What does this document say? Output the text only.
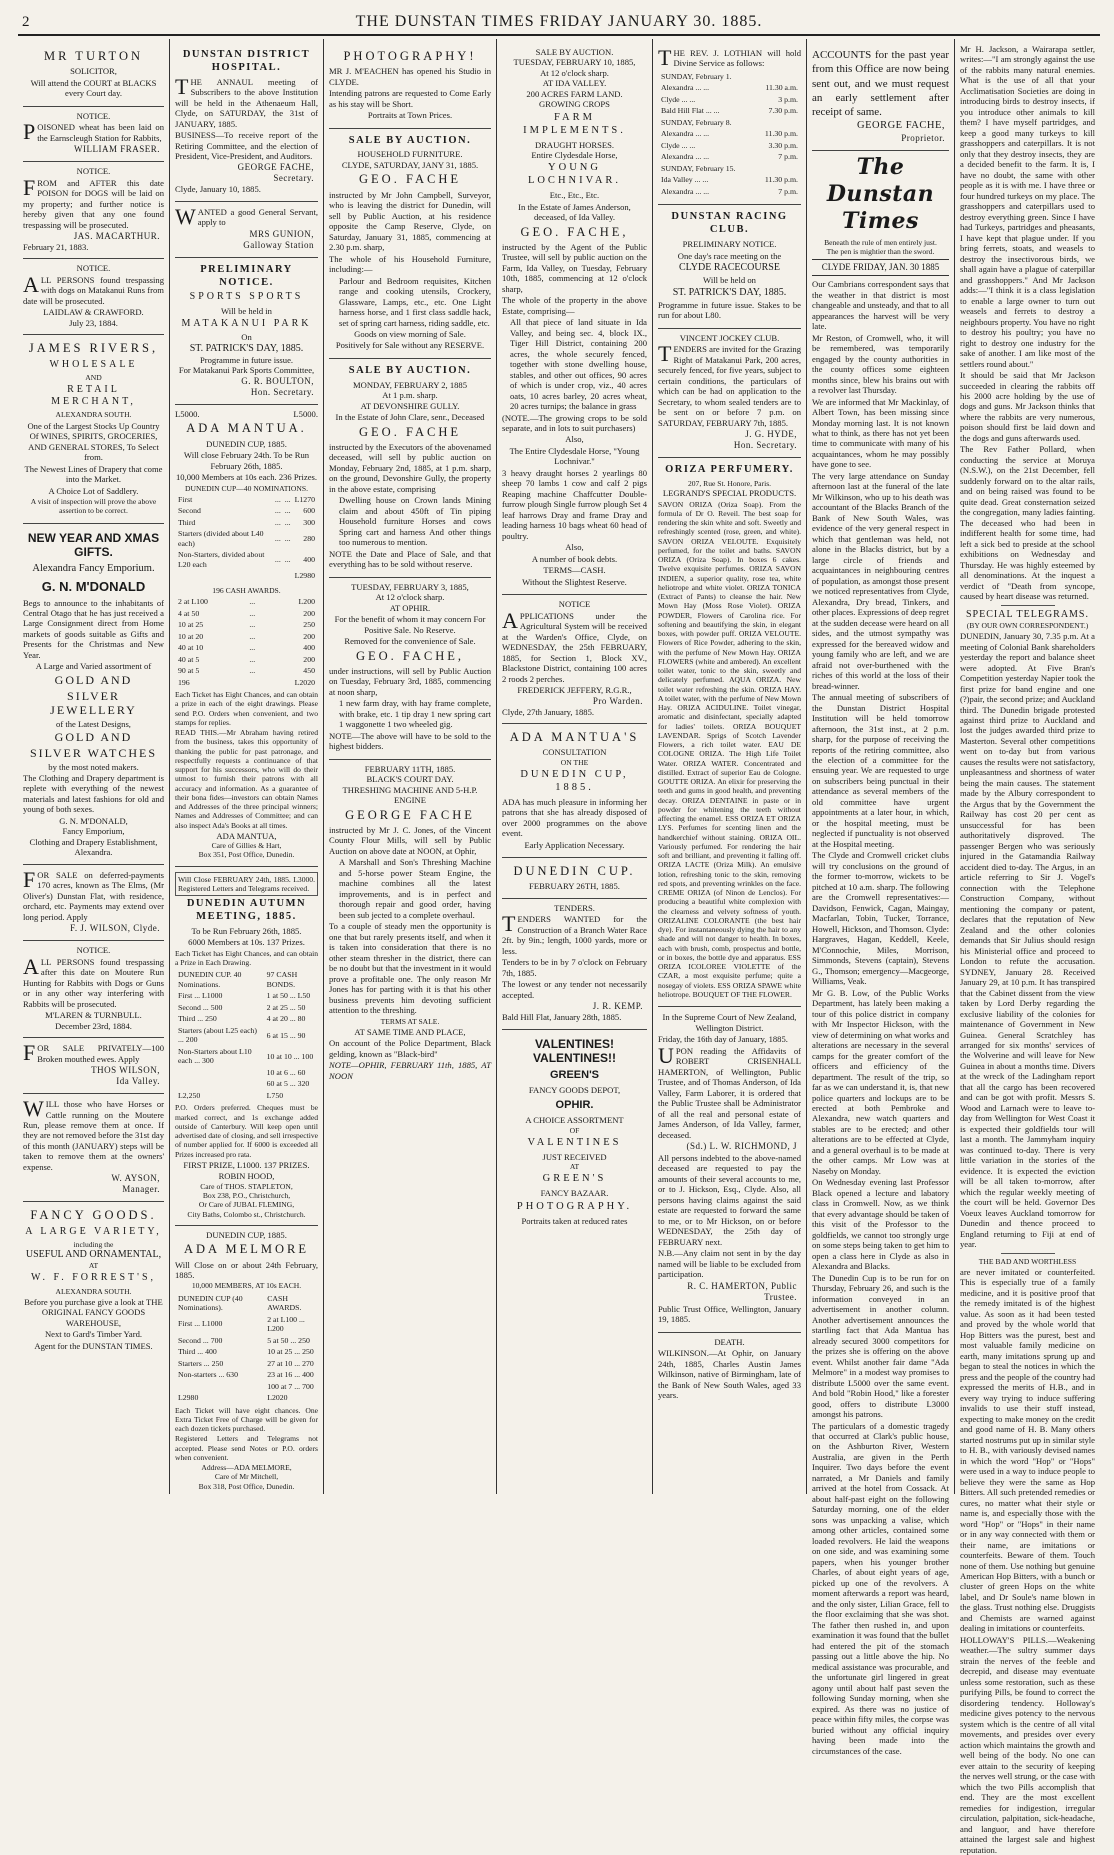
2	THE DUNSTAN TIMES FRIDAY JANUARY 30. 1885.
MR TURTON
SOLICITOR,

Will attend the COURT at BLACKS every Court day.

NOTICE.

POISONED wheat has been laid on the Earnscleugh Station for Rabbits,

WILLIAM FRASER.
NOTICE.

FROM and AFTER this date POISON for DOGS will be laid on my property; and further notice is hereby given that any one found trespassing will be prosecuted.

JAS. MACARTHUR.
February 21, 1883.
NOTICE.

ALL PERSONS found trespassing with dogs on Matakanui Runs from date will be prosecuted.

LAIDLAW & CRAWFORD.
July 23, 1884.
JAMES RIVERS,
WHOLESALE
AND
RETAIL MERCHANT,
ALEXANDRA SOUTH.

One of the Largest Stocks Up Country Of WINES, SPIRITS, GROCERIES, AND GENERAL STORES, To Select from.

The Newest Lines of Drapery that come into the Market.

A Choice Lot of Saddlery.

A visit of inspection will prove the above assertion to be correct.

NEW YEAR AND XMAS GIFTS.
Alexandra Fancy Emporium.
G. N. M'DONALD

Begs to announce to the inhabitants of Central Otago that he has just received a Large Consignment direct from Home markets of goods suitable as Gifts and Presents for the Christmas and New Year.

A Large and Varied assortment of

GOLD AND
SILVER JEWELLERY

of the Latest Designs,

GOLD AND
SILVER WATCHES

by the most noted makers.

The Clothing and Drapery department is replete with everything of the newest materials and latest fashions for old and young of both sexes.

G. N. M'DONALD,
Fancy Emporium,
Clothing and Drapery Establishment, Alexandra.

FOR SALE on deferred-payments 170 acres, known as The Elms, (Mr Oliver's) Dunstan Flat, with residence, orchard, etc. Payments may extend over long period. Apply

F. J. WILSON, Clyde.
NOTICE.

ALL PERSONS found trespassing after this date on Moutere Run Hunting for Rabbits with Dogs or Guns or in any other way interfering with Rabbits will be prosecuted.

M'LAREN & TURNBULL.
December 23rd, 1884.

FOR SALE PRIVATELY—100 Broken mouthed ewes. Apply

THOS WILSON,
Ida Valley.

WILL those who have Horses or Cattle running on the Moutere Run, please remove them at once. If they are not removed before the 31st day of this month (JANUARY) steps will be taken to remove them at the owners' expense.

W. AYSON,
Manager.
FANCY GOODS.
A LARGE VARIETY,
including the
USEFUL AND ORNAMENTAL,
AT
W. F. FORREST'S,
ALEXANDRA SOUTH.

Before you purchase give a look at THE ORIGINAL FANCY GOODS WAREHOUSE,

Next to Gard's Timber Yard.

Agent for the DUNSTAN TIMES.

DUNSTAN DISTRICT HOSPITAL.

THE ANNAUL meeting of Subscribers to the above Institution will be held in the Athenaeum Hall, Clyde, on SATURDAY, the 31st of JANUARY, 1885.

BUSINESS—To receive report of the Retiring Committee, and the election of President, Vice-President, and Auditors.

GEORGE FACHE,
Secretary.
Clyde, January 10, 1885.

WANTED a good General Servant, apply to

MRS GUNION,
Galloway Station
PRELIMINARY NOTICE.
SPORTS SPORTS
Will be held in
MATAKANUI PARK
On
ST. PATRICK'S DAY, 1885.
Programme in future issue.
For Matakanui Park Sports Committee,
G. R. BOULTON,
Hon. Secretary.
L5000.	L5000.
ADA MANTUA.
DUNEDIN CUP, 1885.

Will close February 24th. To be Run February 26th, 1885.

10,000 Members at 10s each. 236 Prizes.

DUNEDIN CUP—40 NOMINATIONS.
First	...	...	L1270
Second	...	...	600
Third	...	...	300
Starters (divided about L40 each)	...	...	280
Non-Starters, divided about L20 each	...	...	400
			L2980
196 CASH AWARDS.
2 at L100	...	L200
4 at 50	...	200
10 at 25	...	250
10 at 20	...	200
40 at 10	...	400
40 at 5	...	200
90 at 5	...	450
196		L2020

Each Ticket has Eight Chances, and can obtain a prize in each of the eight drawings. Please send P.O. Orders when convenient, and two stamps for replies.

READ THIS.—Mr Abraham having retired from the business, takes this opportunity of thanking the public for past patronage, and respectfully requests a continuance of that support for his successors, who will do their utmost to furnish their patrons with all accuracy and information. As a guarantee of their bona fides—investors can obtain Names and Addresses of the three principal winners; Names and Addresses of Committee; and can also inspect Ada's Books at all times.

ADA MANTUA,
Care of Gillies & Hart,
Box 351, Post Office, Dunedin.

Will Close FEBRUARY 24th, 1885. L3000. Registered Letters and Telegrams received.

DUNEDIN AUTUMN MEETING, 1885.

To be Run February 26th, 1885.

6000 Members at 10s. 137 Prizes.

Each Ticket has Eight Chances, and can obtain a Prize in Each Drawing.

DUNEDIN CUP. 40 Nominations.	97 CASH BONDS.
First ... L1000	1 at 50 ... L50
Second ... 500	2 at 25 ... 50
Third ... 250	4 at 20 ... 80
Starters (about L25 each) ... 200	6 at 15 ... 90
Non-Starters about L10 each ... 300	10 at 10 ... 100
	10 at 6 ... 60
	60 at 5 ... 320
L2,250	L750

P.O. Orders preferred. Cheques must be marked correct, and 1s exchange added outside of Canterbury. Will keep open until advertised date of closing, and sell irrespective of number applied for. If 6000 is exceeded all Prizes increased pro rata.

FIRST PRIZE, L1000. 137 PRIZES.

ROBIN HOOD,
Care of THOS. STAPLETON,
Box 238, P.O., Christchurch,
Or Care of JUBAL FLEMING,
City Baths, Colombo st., Christchurch.
DUNEDIN CUP, 1885.
ADA MELMORE

Will Close on or about 24th February, 1885.

10,000 MEMBERS, AT 10s EACH.

DUNEDIN CUP (40 Nominations).	CASH AWARDS.
First ... L1000	2 at L100 ... L200
Second ... 700	5 at 50 ... 250
Third ... 400	10 at 25 ... 250
Starters ... 250	27 at 10 ... 270
Non-starters ... 630	23 at 16 ... 400
	100 at 7 ... 700
L2980	L2020

Each Ticket will have eight chances. One Extra Ticket Free of Charge will be given for each dozen tickets purchased.

Registered Letters and Telegrams not accepted. Please send Notes or P.O. orders when convenient.

Address—ADA MELMORE,
Care of Mr Mitchell,
Box 318, Post Office, Dunedin.
PHOTOGRAPHY!

MR J. M'EACHEN has opened his Studio in CLYDE.

Intending patrons are requested to Come Early as his stay will be Short.

Portraits at Town Prices.

SALE BY AUCTION.
HOUSEHOLD FURNITURE.
CLYDE, SATURDAY, JANY 31, 1885.
GEO. FACHE

instructed by Mr John Campbell, Surveyor, who is leaving the district for Dunedin, will sell by Public Auction, at his residence opposite the Camp Reserve, Clyde, on Saturday, January 31, 1885, commencing at 2.30 p.m. sharp,

The whole of his Household Furniture, including:—

Parlour and Bedroom requisites, Kitchen range and cooking utensils, Crockery, Glassware, Lamps, etc., etc. One Light harness horse, and 1 first class saddle hack, set of spring cart harness, riding saddle, etc.

Goods on view morning of Sale.

Positively for Sale without any RESERVE.

SALE BY AUCTION.
MONDAY, FEBRUARY 2, 1885
At 1 p.m. sharp.
AT DEVONSHIRE GULLY.

In the Estate of John Clare, senr., Deceased

GEO. FACHE

instructed by the Executors of the abovenamed deceased, will sell by public auction on Monday, February 2nd, 1885, at 1 p.m. sharp, on the ground, Devonshire Gully, the property in the above estate, comprising

Dwelling house on Crown lands Mining claim and about 450ft of Tin piping Household furniture Horses and cows Spring cart and harness And other things too numerous to mention.

NOTE the Date and Place of Sale, and that everything has to be sold without reserve.

TUESDAY, FEBRUARY 3, 1885,
At 12 o'clock sharp.
AT OPHIR.

For the benefit of whom it may concern For Positive Sale. No Reserve.

Removed for the convenience of Sale.

GEO. FACHE,

under instructions, will sell by Public Auction on Tuesday, February 3rd, 1885, commencing at noon sharp,

1 new farm dray, with hay frame complete, with brake, etc. 1 tip dray 1 new spring cart 1 waggonette 1 two wheeled gig.

NOTE—The above will have to be sold to the highest bidders.

FEBRUARY 11TH, 1885.
BLACK'S COURT DAY.
THRESHING MACHINE AND 5-H.P. ENGINE
GEORGE FACHE

instructed by Mr J. C. Jones, of the Vincent County Flour Mills, will sell by Public Auction on above date at NOON, at Ophir,

A Marshall and Son's Threshing Machine and 5-horse power Steam Engine, the machine combines all the latest improvements, and is in perfect and thorough repair and good order, having been sub jected to a complete overhaul.

To a couple of steady men the opportunity is one that but rarely presents itself, and when it is taken into consideration that there is no other steam thresher in the district, there can be no doubt but that the investment in it would prove a profitable one. The only reason Mr Jones has for parting with it is that his other business prevents him devoting sufficient attention to the threshing.

TERMS AT SALE.

AT SAME TIME AND PLACE,

On account of the Police Department, Black gelding, known as "Black-bird"

NOTE—OPHIR, FEBRUARY 11th, 1885, AT NOON

SALE BY AUCTION.
TUESDAY, FEBRUARY 10, 1885,
At 12 o'clock sharp.
AT IDA VALLEY.
200 ACRES FARM LAND.
GROWING CROPS
FARM IMPLEMENTS.
DRAUGHT HORSES.
Entire Clydesdale Horse,
YOUNG LOCHNIVAR.
Etc., Etc., Etc.

In the Estate of James Anderson, deceased, of Ida Valley.

GEO. FACHE,

instructed by the Agent of the Public Trustee, will sell by public auction on the Farm, Ida Valley, on Tuesday, February 10th, 1885, commencing at 12 o'clock sharp,

The whole of the property in the above Estate, comprising—

All that piece of land situate in Ida Valley, and being sec. 4, block IX., Tiger Hill District, containing 200 acres, the whole securely fenced, together with stone dwelling house, stables, and other out offices, 90 acres of which is under crop, viz., 40 acres oats, 10 acres barley, 20 acres wheat, 20 acres turnips; the balance in grass

(NOTE.—The growing crops to be sold separate, and in lots to suit purchasers)

Also,

The Entire Clydesdale Horse, "Young Lochnivar."

3 heavy draught horses 2 yearlings 80 sheep 70 lambs 1 cow and calf 2 pigs Reaping machine Chaffcutter Double-furrow plough Single furrow plough Set 4 leaf harrows Dray and frame Dray and leading harness 10 bags wheat 60 head of poultry.

Also,

A number of book debts.

TERMS—CASH.

Without the Slightest Reserve.

NOTICE

APPLICATIONS under the Agricultural System will be received at the Warden's Office, Clyde, on WEDNESDAY, the 25th FEBRUARY, 1885, for Section 1, Block XV., Blackstone District, containing 100 acres 2 roods 2 perches.

FREDERICK JEFFERY, R.G.R.,
Pro Warden.
Clyde, 27th January, 1885.
ADA MANTUA'S
CONSULTATION
ON THE
DUNEDIN CUP, 1885.

ADA has much pleasure in informing her patrons that she has already disposed of over 2000 programmes on the above event.

Early Application Necessary.

DUNEDIN CUP.
FEBRUARY 26TH, 1885.
TENDERS.

TENDERS WANTED for the Construction of a Branch Water Race 2ft. by 9in.; length, 1000 yards, more or less.

Tenders to be in by 7 o'clock on February 7th, 1885.

The lowest or any tender not necessarily accepted.

J. R. KEMP.
Bald Hill Flat, January 28th, 1885.
VALENTINES! VALENTINES!!
GREEN'S
FANCY GOODS DEPOT,
OPHIR.
A CHOICE ASSORTMENT
OF
VALENTINES
JUST RECEIVED
AT
GREEN'S
FANCY BAZAAR.
PHOTOGRAPHY.
Portraits taken at reduced rates

THE REV. J. LOTHIAN will hold Divine Service as follows:

SUNDAY, February 1.	
Alexandra ... ...	11.30 a.m.
Clyde ... ...	3 p.m.
Bald Hill Flat ... ...	7.30 p.m.
SUNDAY, February 8.	
Alexandra ... ...	11.30 p.m.
Clyde ... ...	3.30 p.m.
Alexandra ... ...	7 p.m.
SUNDAY, February 15.	
Ida Valley ... ...	11.30 p.m.
Alexandra ... ...	7 p.m.
DUNSTAN RACING CLUB.
PRELIMINARY NOTICE.

One day's race meeting on the

CLYDE RACECOURSE

Will be held on

ST. PATRICK'S DAY, 1885.

Programme in future issue. Stakes to be run for about L80.

VINCENT JOCKEY CLUB.

TENDERS are invited for the Grazing Right of Matakanui Park, 200 acres, securely fenced, for five years, subject to certain conditions, the particulars of which can be had on application to the Secretary, to whom sealed tenders are to be sent on or before 7 p.m. on SATURDAY, FEBRUARY 7th, 1885.

J. G. HYDE,
Hon. Secretary.
ORIZA PERFUMERY.
207, Rue St. Honore, Paris.
LEGRAND'S SPECIAL PRODUCTS.

SAVON ORIZA (Oriza Soap). From the formula of Dr O. Reveil. The best soap for rendering the skin white and soft. Sweetly and refreshingly scented (rose, green, and white). SAVON ORIZA VELOUTE. Exquisitely perfumed, for the toilet and baths. SAVON ORIZA (Oriza Soap). In boxes 6 cakes. Twelve exquisite perfumes. ORIZA SAVON INDIEN, a superior quality, rose tea, white heliotrope and white violet. ORIZA TONICA (Extract of Pants) to cleanse the hair. New Mown Hay (Moss Rose Violet). ORIZA POWDER, Flowers of Carolina rice. For softening and beautifying the skin, in elegant boxes, with powder puff. ORIZA VELOUTE. Flowers of Rice Powder, adhering to the skin, with the perfume of New Mown Hay. ORIZA FLOWERS (white and ambered). An excellent toilet water, tonic to the skin, sweetly and delicately perfumed. AQUA ORIZA. New toilet water refreshing the skin. ORIZA HAY. A toilet water, with the perfume of New Mown Hay. ORIZA ACIDULINE. Toilet vinegar, aromatic and disinfectant, specially adapted for ladies' toilets. ORIZA BOUQUET LAVENDAR. Sprigs of Scotch Lavender Flowers, a rich toilet water. EAU DE COLOGNE ORIZA. The High Life Toilet Water. ORIZA WATER. Concentrated and distilled. Extract of superior Eau de Cologne. GOUTTE ORIZA. An elixir for preserving the teeth and gums in good health, and preventing decay. ORIZA DENTAINE in paste or in powder for whitening the teeth without affecting the enamel. ESS ORIZA ET ORIZA LYS. Perfumes for scenting linen and the handkerchief without staining. ORIZA OIL. Variously perfumed. For rendering the hair soft and brilliant, and preventing it falling off. ORIZA LACTE (Oriza Milk). An emulsive lotion, refreshing tonic to the skin, removing red spots, and preventing wrinkles on the face. CREME ORIZA (of Ninon de Lenclos). For producing a beautiful white complexion with the clearness and velvety softness of youth. ORIZALINE COLORANTE (the best hair dye). For instantaneously dying the hair to any shade and will not danger to health. In boxes, each with brush, comb, prospectus and bottle, or in boxes, the bottle dye and apparatus. ESS ORIZA ICOLOREE VIOLETTE of the CZAR, a most exquisite perfume; quite a nosegay of violets. ESS ORIZA SPAWE white heliotrope. BOUQUET OF THE FLOWER.

In the Supreme Court of New Zealand, Wellington District.

Friday, the 16th day of January, 1885.

UPON reading the Affidavits of ROBERT CRISENHALL HAMERTON, of Wellington, Public Trustee, and of Thomas Anderson, of Ida Valley, Farm Laborer, it is ordered that the Public Trustee shall be Administrator of all the real and personal estate of James Anderson, of Ida Valley, farmer, deceased.

(Sd.) L. W. RICHMOND, J

All persons indebted to the above-named deceased are requested to pay the amounts of their several accounts to me, or to J. Hickson, Esq., Clyde. Also, all persons having claims against the said estate are requested to forward the same to me, or to Mr Hickson, on or before WEDNESDAY, the 25th day of FEBRUARY next.

N.B.—Any claim not sent in by the day named will be liable to be excluded from participation.

R. C. HAMERTON, Public Trustee.

Public Trust Office, Wellington, January 19, 1885.

DEATH.

WILKINSON.—At Ophir, on January 24th, 1885, Charles Austin James Wilkinson, native of Birmingham, late of the Bank of New South Wales, aged 33 years.

ACCOUNTS for the past year from this Office are now being sent out, and we must request an early settlement after receipt of same.

GEORGE FACHE,
Proprietor.
The Dunstan Times
Beneath the rule of men entirely just.
The pen is mightier than the sword.
CLYDE FRIDAY, JAN. 30 1885

Our Cambrians correspondent says that the weather in that district is most changeable and unsteady, and that to all appearances the harvest will be very late.

Mr Reston, of Cromwell, who, it will be remembered, was temporarily engaged by the county authorities in the county offices some eighteen months since, blew his brains out with a revolver last Thursday.

We are informed that Mr Mackinlay, of Albert Town, has been missing since Monday morning last. It is not known what to think, as there has not yet been time to communicate with many of his acquaintances, whom he may possibly have gone to see.

The very large attendance on Sunday afternoon last at the funeral of the late Mr Wilkinson, who up to his death was accountant of the Blacks Branch of the Bank of New South Wales, was evidence of the very general respect in which that gentleman was held, not alone in the Blacks district, but by a large circle of friends and acquaintances in neighbouring centres of population, as amongst those present we noticed representatives from Clyde, Alexandra, Dry bread, Tinkers, and other places. Expressions of deep regret at the sudden decease were heard on all sides, and the utmost sympathy was expressed for the bereaved widow and young family who are left, and we are afraid not over-burthened with the riches of this world at the loss of their bread-winner.

The annual meeting of subscribers of the Dunstan District Hospital Institution will be held tomorrow afternoon, the 31st inst., at 2 p.m. sharp, for the purpose of receiving the reports of the retiring committee, also the election of a committee for the ensuing year. We are requested to urge on subscribers being punctual in their attendance as several members of the old committee have urgent appointments at a later hour, in which, or the hospital meeting, must be neglected if punctuality is not observed at the Hospital meeting.

The Clyde and Cromwell cricket clubs will try conclusions on the ground of the former to-morrow, wickets to be pitched at 10 a.m. sharp. The following are the Cromwell representatives:—Davidson, Fenwick, Cagan, Maingay, Macfarlan, Tobin, Tucker, Torrance, Howell, Hickson, and Thomson. Clyde: Hargraves, Hagan, Keddell, Keele, M'Connochie, Miles, Morrison, Simmonds, Stevens (captain), Stevens G., Thomson; emergency—Macgeorge, Williams, Veak.

Mr G. B. Low, of the Public Works Department, has lately been making a tour of this police district in company with Mr Inspector Hickson, with the view of determining on what works and alterations are necessary in the several camps for the greater comfort of the officers and efficiency of the department. The result of the trip, so far as we can understand it, is, that new police quarters and lockups are to be erected at both Pembroke and Alexandra, new watch quarters and stables are to be erected; and other alterations are to be effected at Clyde, and a general overhaul is to be made at the other camps. Mr Low was at Naseby on Monday.

On Wednesday evening last Professor Black opened a lecture and labatory class in Cromwell. Now, as we think that every advantage should be taken of this visit of the Professor to the goldfields, we cannot too strongly urge on some steps being taken to get him to open a class here in Clyde as also in Alexandra and Blacks.

The Dunedin Cup is to be run for on Thursday, February 26, and such is the information conveyed in an advertisement in another column. Another advertisement announces the startling fact that Ada Mantua has already secured 3000 competitors for the prizes she is offering on the above event. Whilst another fair dame "Ada Melmore" in a modest way promises to distribute L5000 over the same event. And bold "Robin Hood," like a forester good, offers to distribute L3000 amongst his patrons.

The particulars of a domestic tragedy that occurred at Clark's public house, on the Ashburton River, Western Australia, are given in the Perth Inquirer. Two days before the event narrated, a Mr Daniels and family arrived at the hotel from Cossack. At about half-past eight on the following Saturday morning, one of the elder sons was unpacking a valise, which among other articles, contained some loaded revolvers. He laid the weapons on one side, and was examining some papers, when his younger brother Charles, of about eight years of age, picked up one of the revolvers. A moment afterwards a report was heard, and the only sister, Lilian Grace, fell to the floor exclaiming that she was shot. The father then rushed in, and upon examination it was found that the bullet had entered the pit of the stomach passing out a little above the hip. No medical assistance was procurable, and the unfortunate girl lingered in great agony until about half past seven the following Sunday morning, when she expired. As there was no justice of peace within fifty miles, the corpse was buried without any official inquiry having been made into the circumstances of the case.

Mr H. Jackson, a Wairarapa settler, writes:—"I am strongly against the use of the rabbits many natural enemies. What is the use of all that your Acclimatisation Societies are doing in introducing birds to destroy insects, if you introduce other animals to kill them? I have myself partridges, and keep a good many turkeys to kill grasshoppers and caterpillars. It is not only that they destroy insects, they are a decided benefit to the farm. It is, I have no doubt, the same with other people as it is with me. I have three or four hundred turkeys on my place. The grasshoppers and caterpillars used to destroy everything green. Since I have had Turkeys, partridges and pheasants, I have kept that plague under. If you bring ferrets, stoats, and weasels to destroy the insectivorous birds, we shall again have a plague of caterpillar and grasshoppers." And Mr Jackson adds:—"I think it is a class legislation to enable a large owner to turn out weasels and ferrets to destroy a neighbours property. You have no right to destroy his poultry; you have no right to destroy one industry for the sake of another. I am like most of the settlers round about."

It should be said that Mr Jackson succeeded in clearing the rabbits off his 2000 acre holding by the use of dogs and guns. Mr Jackson thinks that where the rabbits are very numerous, poison should first be laid down and the dogs and guns afterwards used.

The Rev Father Pollard, when conducting the service at Moruya (N.S.W.), on the 21st December, fell suddenly forward on to the altar rails, and on being raised was found to be quite dead. Great consternation seized the congregation, many ladies fainting. The deceased who had been in indifferent health for some time, had left a sick bed to preside at the school exhibitions on Wednesday and Thursday. He was highly esteemed by all denominations. At the inquest a verdict of "Death from syncope, caused by heart disease was returned.

SPECIAL TELEGRAMS.
(BY OUR OWN CORRESPONDENT.)

DUNEDIN, January 30, 7.35 p.m. At a meeting of Colonial Bank shareholders yesterday the report and balance sheet were adopted. At Five Bran's Competition yesterday Napier took the first prize for band engine and one (?)pair, the second prize; and Auckland third. The Dunedin brigade protested against third prize to Auckland and lost the judges awarded third prize to Masterton. Several other competitions went on to-day but from various causes the results were not satisfactory, unpleasantness and shortness of water being the main causes. The statement made by the Albury correspondent to the Argus that by the Government the Railway has cost 20 per cent as unsuccessful for has been authoritatively disproved. The passenger Bergen who was seriously injured in the Gatamandia Railway accident died to-day. The Argus, in an article referring to Sir J. Vogel's connection with the Telephone Construction Company, without mentioning the company or patent, declares that the reputation of New Zealand and the other colonies demands that Sir Julius should resign his Ministerial office and proceed to London to refute the accusation. SYDNEY, January 28. Received January 29, at 10 p.m. It has transpired that the Cabinet dissent from the view taken by Lord Derby regarding the exclusive liability of the colonies for maintenance of Government in New Guinea. General Scratchley has arranged for six months' services of the Wolverine and will leave for New Guinea in about a months time. Divers at the wreck of the Ladingham report that all the cargo has been recovered and can be got with profit. Messrs S. Wood and Larnach were to leave to-day from Wellington for West Coast it is expected their goldfields tour will last a month. The Jammyham inquiry was continued to-day. There is very little variation in the stories of the evidence. It is expected the eviction will be all taken to-morrow, after which the regular weekly meeting of the court will be held. Governor Des Voeux leaves Auckland tomorrow for Dunedin and thence proceed to England returning to Fiji at end of year.

THE BAD AND WORTHLESS

are never imitated or counterfeited. This is especially true of a family medicine, and it is positive proof that the remedy imitated is of the highest value. As soon as it had been tested and proved by the whole world that Hop Bitters was the purest, best and most valuable family medicine on earth, many imitations sprung up and began to steal the notices in which the press and the people of the country had expressed the merits of H.B., and in every way trying to induce suffering invalids to use their stuff instead, expecting to make money on the credit and good name of H. B. Many others started nostrums put up in similar style to H. B., with variously devised names in which the word "Hop" or "Hops" were used in a way to induce people to believe they were the same as Hop Bitters. All such pretended remedies or cures, no matter what their style or name is, and especially those with the word "Hop" or "Hops" in their name or in any way connected with them or their name, are imitations or counterfeits. Beware of them. Touch none of them. Use nothing but genuine American Hop Bitters, with a bunch or cluster of green Hops on the white label, and Dr Soule's name blown in the glass. Trust nothing else. Druggists and Chemists are warned against dealing in imitations or counterfeits.

HOLLOWAY'S PILLS.—Weakening weather.—The sultry summer days strain the nerves of the feeble and decrepid, and disease may eventuate unless some restoration, such as these purifying Pills, be found to correct the disordering tendency. Holloway's medicine gives potency to the nervous system which is the centre of all vital movements, and presides over every action which maintains the growth and well being of the body. No one can ever attain to the security of keeping the nerves well strung, or the case with which the two Pills accomplish that end. They are the most excellent remedies for indigestion, irregular circulation, palpitation, sick-headache, and languor, and have therefore attained the largest sale and highest reputation.
